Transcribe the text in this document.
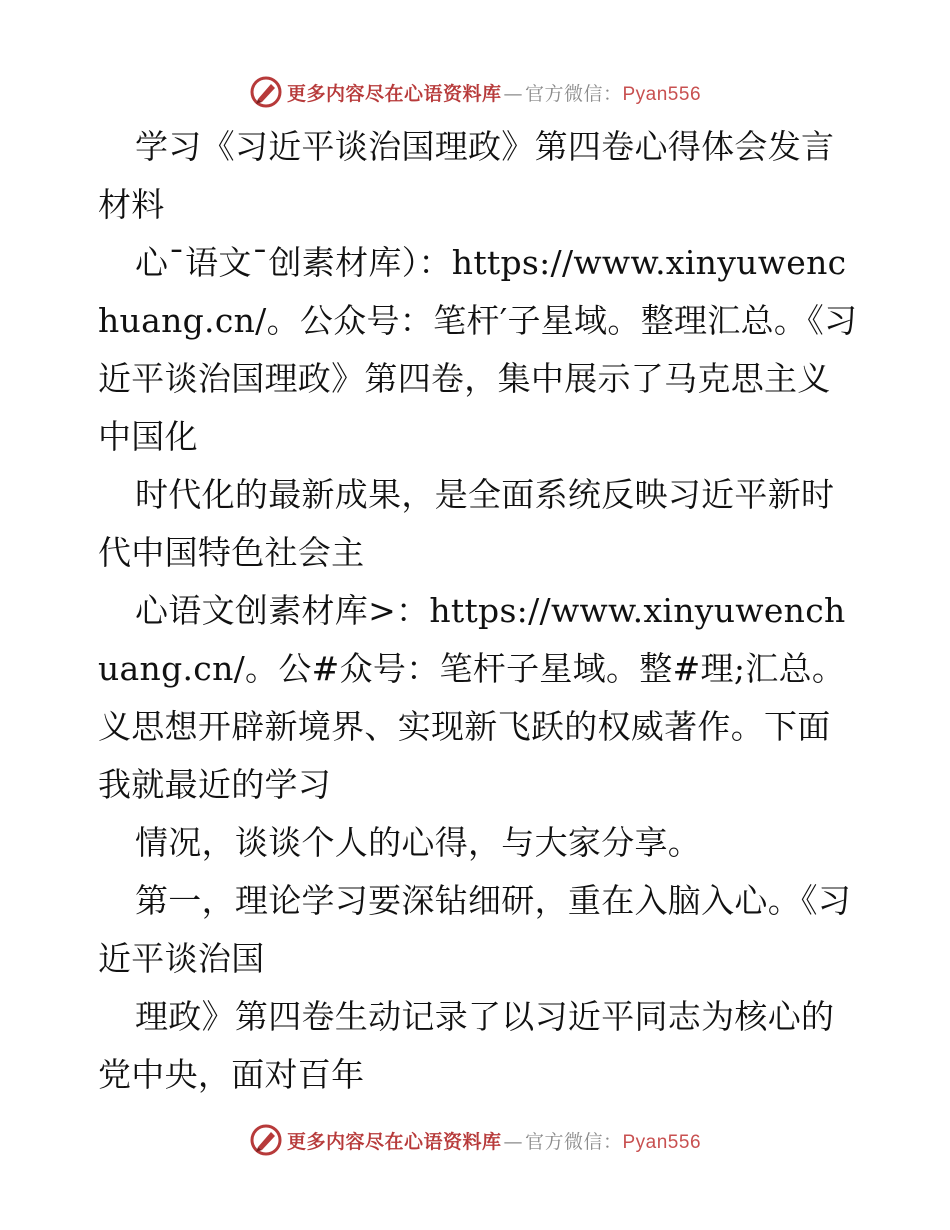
更多内容尽在心语资料库 — 官方微信： Pyan556

学习《习近平谈治国理政》第四卷心得体会发言材料

心¯语文¯创素材库）：https://www.xinyuwenchuang.cn/。公众号：笔杆′子星域。整理汇总。《习近平谈治国理政》第四卷，集中展示了马克思主义中国化

时代化的最新成果，是全面系统反映习近平新时代中国特色社会主

心语文创素材库>：https://www.xinyuwenchuang.cn/。公#众号：笔杆子星域。整#理;汇总。义思想开辟新境界、实现新飞跃的权威著作。下面我就最近的学习

情况，谈谈个人的心得，与大家分享。

第一，理论学习要深钻细研，重在入脑入心。《习近平谈治国

理政》第四卷生动记录了以习近平同志为核心的党中央，面对百年

更多内容尽在心语资料库 — 官方微信： Pyan556
